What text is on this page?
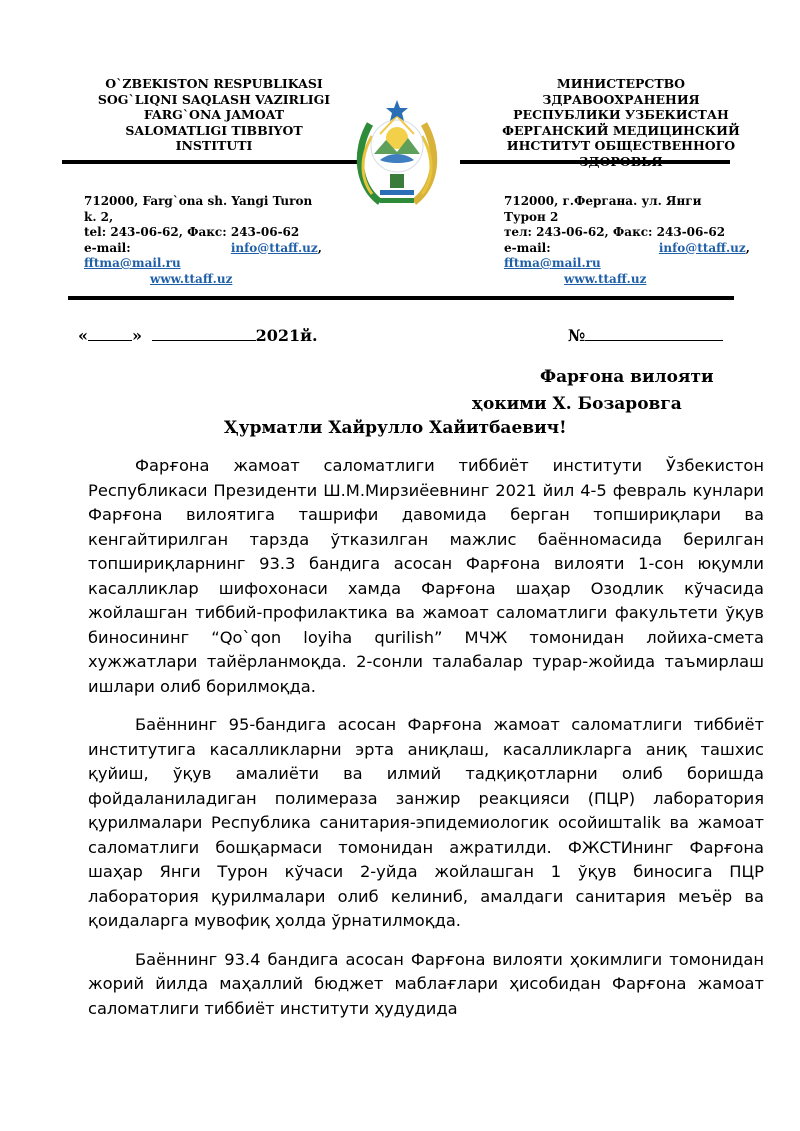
O`ZBEKISTON RESPUBLIKASI
SOG`LIQNI SAQLASH VAZIRLIGI
FARG`ONA JAMOAT
SALOMATLIGI TIBBIYOT
INSTITUTI
МИНИСТЕРСТВО
ЗДРАВООХРАНЕНИЯ
РЕСПУБЛИКИ УЗБЕКИСТАН
ФЕРГАНСКИЙ МЕДИЦИНСКИЙ
ИНСТИТУТ ОБЩЕСТВЕННОГО
712000, Farg`ona sh. Yangi Turon
k. 2,
tel: 243-06-62, Факс: 243-06-62
e-mail:	info@ttaff.uz,
fftma@mail.ru
www.ttaff.uz
712000, г.Фергана. ул. Янги
Турон 2
тел: 243-06-62, Факс: 243-06-62
e-mail:	info@ttaff.uz,
fftma@mail.ru
www.ttaff.uz
«	»	2021й.	№
Фарғона вилояти
ҳокими Х. Бозаровга
Ҳурматли Хайрулло Хайитбаевич!

Фарғона жамоат саломатлиги тиббиёт институти Ўзбекистон Республикаси Президенти Ш.М.Мирзиёевнинг 2021 йил 4-5 февраль кунлари Фарғона вилоятига ташрифи давомида берган топшириқлари ва кенгайтирилган тарзда ўтказилган мажлис баённомасида берилган топшириқларнинг 93.3 бандига асосан Фарғона вилояти 1-сон юқумли касалликлар шифохонаси хамда Фарғона шаҳар Озодлик кўчасида жойлашган тиббий-профилактика ва жамоат саломатлиги факультети ўқув биносининг “Qo`qon loyiha qurilish” МЧЖ томонидан лойиха-смета хужжатлари тайёрланмоқда. 2-сонли талабалар турар-жойида таъмирлаш ишлари олиб борилмоқда.

Баённинг 95-бандига асосан Фарғона жамоат саломатлиги тиббиёт институтига касалликларни эрта аниқлаш, касалликларга аниқ ташхис қуйиш, ўқув амалиёти ва илмий тадқиқотларни олиб боришда фойдаланиладиган полимераза занжир реакцияси (ПЦР) лаборатория қурилмалари Республика санитария-эпидемиологик осойиштalik ва жамоат саломатлиги бошқармаси томонидан ажратилди. ФЖСТИнинг Фарғона шаҳар Янги Турон кўчаси 2-уйда жойлашган 1 ўқув биносига ПЦР лаборатория қурилмалари олиб келиниб, амалдаги санитария меъёр ва қоидаларга мувофиқ ҳолда ўрнатилмоқда.

Баённинг 93.4 бандига асосан Фарғона вилояти ҳокимлиги томонидан жорий йилда маҳаллий бюджет маблағлари ҳисобидан Фарғона жамоат саломатлиги тиббиёт институти ҳудудида
